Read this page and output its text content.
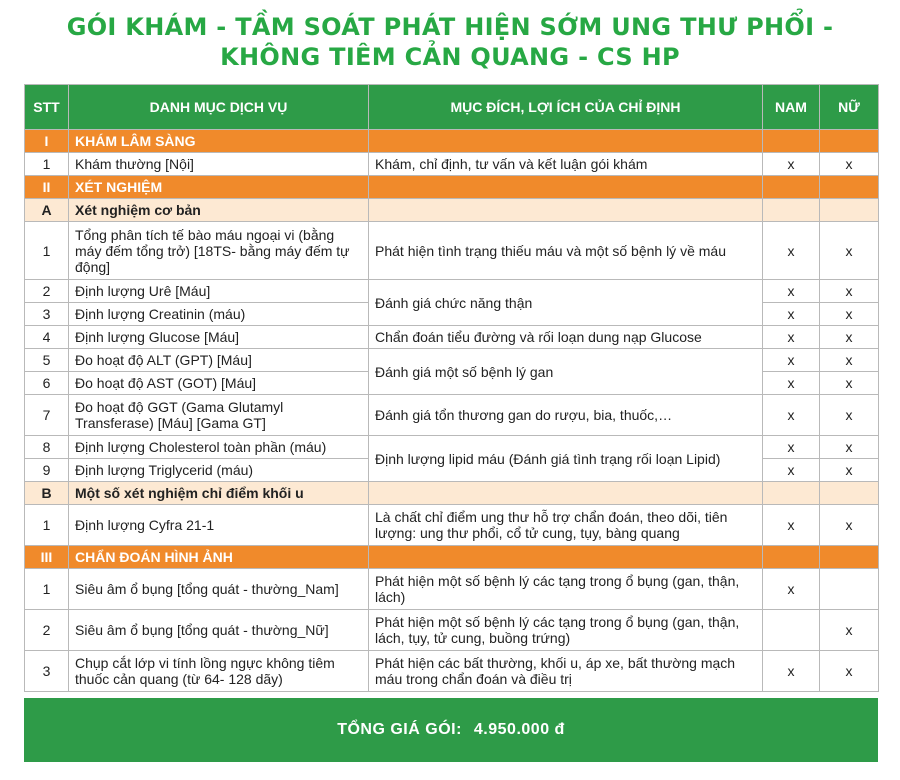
GÓI KHÁM - TẦM SOÁT PHÁT HIỆN SỚM UNG THƯ PHỔI -
KHÔNG TIÊM CẢN QUANG - CS HP
STT	DANH MỤC DỊCH VỤ	MỤC ĐÍCH, LỢI ÍCH CỦA CHỈ ĐỊNH	NAM	NỮ
I	KHÁM LÂM SÀNG			
1	Khám thường [Nội]	Khám, chỉ định, tư vấn và kết luận gói khám	x	x
II	XÉT NGHIỆM			
A	Xét nghiệm cơ bản			
1	Tổng phân tích tế bào máu ngoại vi (bằng máy đếm tổng trở) [18TS- bằng máy đếm tự động]	Phát hiện tình trạng thiếu máu và một số bệnh lý về máu	x	x
2	Định lượng Urê [Máu]	Đánh giá chức năng thận	x	x
3	Định lượng Creatinin (máu)		x	x
4	Định lượng Glucose [Máu]	Chẩn đoán tiểu đường và rối loạn dung nạp Glucose	x	x
5	Đo hoạt độ ALT (GPT) [Máu]	Đánh giá một số bệnh lý gan	x	x
6	Đo hoạt độ AST (GOT) [Máu]		x	x
7	Đo hoạt độ GGT (Gama Glutamyl Transferase) [Máu] [Gama GT]	Đánh giá tổn thương gan do rượu, bia, thuốc,…	x	x
8	Định lượng Cholesterol toàn phần (máu)	Định lượng lipid máu (Đánh giá tình trạng rối loạn Lipid)	x	x
9	Định lượng Triglycerid (máu)		x	x
B	Một số xét nghiệm chỉ điểm khối u			
1	Định lượng Cyfra 21-1	Là chất chỉ điểm ung thư hỗ trợ chẩn đoán, theo dõi, tiên lượng: ung thư phổi, cổ tử cung, tụy, bàng quang	x	x
III	CHẨN ĐOÁN HÌNH ẢNH			
1	Siêu âm ổ bụng [tổng quát - thường_Nam]	Phát hiện một số bệnh lý các tạng trong ổ bụng (gan, thận, lách)	x	
2	Siêu âm ổ bụng [tổng quát - thường_Nữ]	Phát hiện một số bệnh lý các tạng trong ổ bụng (gan, thận, lách, tụy, tử cung, buồng trứng)		x
3	Chụp cắt lớp vi tính lồng ngực không tiêm thuốc cản quang (từ 64- 128 dãy)	Phát hiện các bất thường, khối u, áp xe, bất thường mạch máu trong chẩn đoán và điều trị	x	x
TỔNG GIÁ GÓI: 4.950.000 đ
